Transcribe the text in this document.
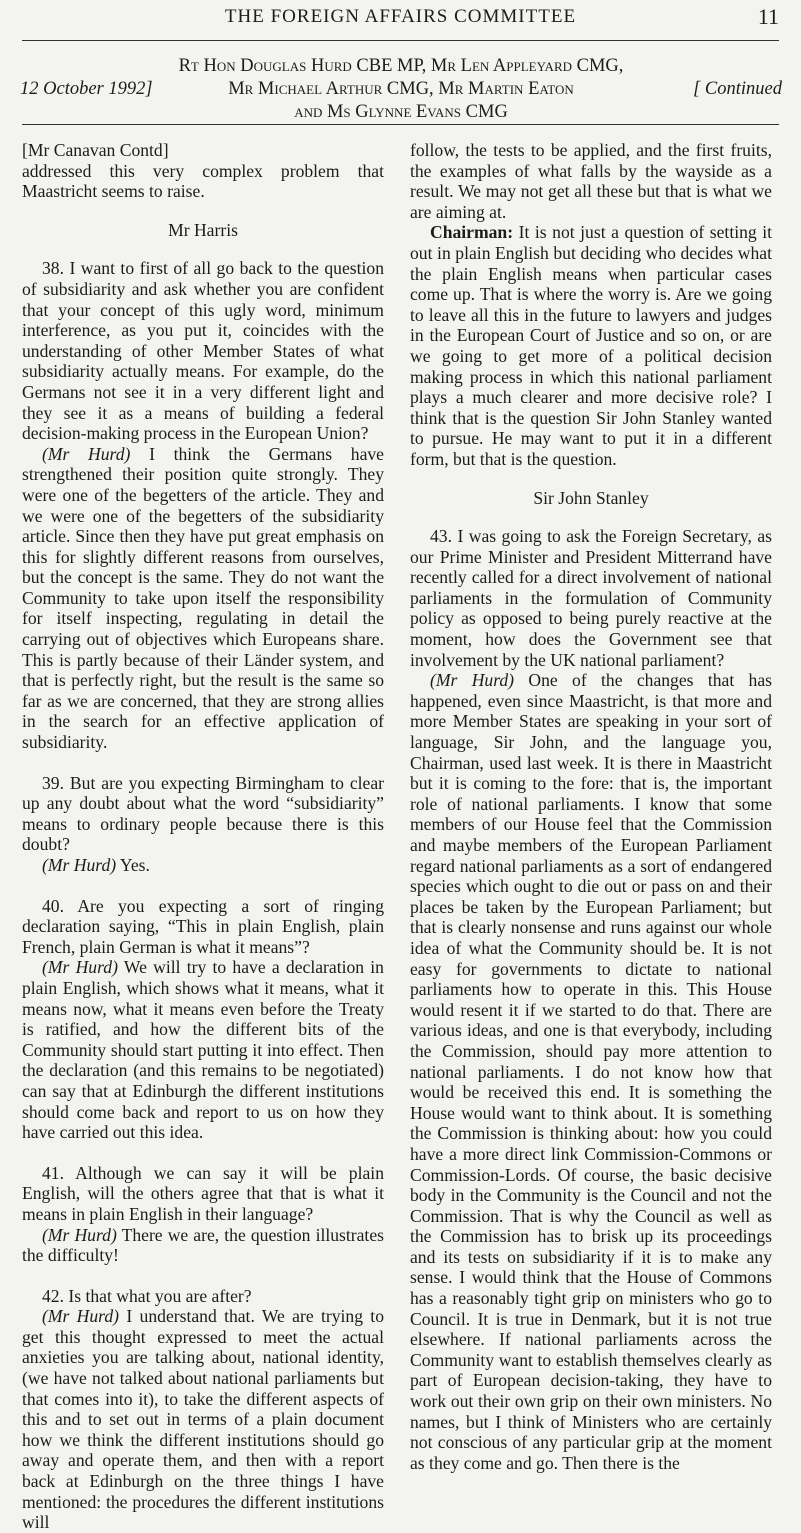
THE FOREIGN AFFAIRS COMMITTEE	11
Rt Hon Douglas Hurd CBE MP, Mr Len Appleyard CMG,
Mr Michael Arthur CMG, Mr Martin Eaton
and Ms Glynne Evans CMG
12 October 1992]	[ Continued

[Mr Canavan Contd]

addressed this very complex problem that Maastricht seems to raise.

Mr Harris

38. I want to first of all go back to the question of subsidiarity and ask whether you are confident that your concept of this ugly word, minimum interference, as you put it, coincides with the understanding of other Member States of what subsidiarity actually means. For example, do the Germans not see it in a very different light and they see it as a means of building a federal decision-making process in the European Union?

(Mr Hurd) I think the Germans have strengthened their position quite strongly. They were one of the begetters of the article. They and we were one of the begetters of the subsidiarity article. Since then they have put great emphasis on this for slightly different reasons from ourselves, but the concept is the same. They do not want the Community to take upon itself the responsibility for itself inspecting, regulating in detail the carrying out of objectives which Europeans share. This is partly because of their Länder system, and that is perfectly right, but the result is the same so far as we are concerned, that they are strong allies in the search for an effective application of subsidiarity.

39. But are you expecting Birmingham to clear up any doubt about what the word “subsidiarity” means to ordinary people because there is this doubt?

(Mr Hurd) Yes.

40. Are you expecting a sort of ringing declaration saying, “This in plain English, plain French, plain German is what it means”?

(Mr Hurd) We will try to have a declaration in plain English, which shows what it means, what it means now, what it means even before the Treaty is ratified, and how the different bits of the Community should start putting it into effect. Then the declaration (and this remains to be negotiated) can say that at Edinburgh the different institutions should come back and report to us on how they have carried out this idea.

41. Although we can say it will be plain English, will the others agree that that is what it means in plain English in their language?

(Mr Hurd) There we are, the question illustrates the difficulty!

42. Is that what you are after?

(Mr Hurd) I understand that. We are trying to get this thought expressed to meet the actual anxieties you are talking about, national identity, (we have not talked about national parliaments but that comes into it), to take the different aspects of this and to set out in terms of a plain document how we think the different institutions should go away and operate them, and then with a report back at Edinburgh on the three things I have mentioned: the procedures the different institutions will

follow, the tests to be applied, and the first fruits, the examples of what falls by the wayside as a result. We may not get all these but that is what we are aiming at.

Chairman: It is not just a question of setting it out in plain English but deciding who decides what the plain English means when particular cases come up. That is where the worry is. Are we going to leave all this in the future to lawyers and judges in the European Court of Justice and so on, or are we going to get more of a political decision making process in which this national parliament plays a much clearer and more decisive role? I think that is the question Sir John Stanley wanted to pursue. He may want to put it in a different form, but that is the question.

Sir John Stanley

43. I was going to ask the Foreign Secretary, as our Prime Minister and President Mitterrand have recently called for a direct involvement of national parliaments in the formulation of Community policy as opposed to being purely reactive at the moment, how does the Government see that involvement by the UK national parliament?

(Mr Hurd) One of the changes that has happened, even since Maastricht, is that more and more Member States are speaking in your sort of language, Sir John, and the language you, Chairman, used last week. It is there in Maastricht but it is coming to the fore: that is, the important role of national parliaments. I know that some members of our House feel that the Commission and maybe members of the European Parliament regard national parliaments as a sort of endangered species which ought to die out or pass on and their places be taken by the European Parliament; but that is clearly nonsense and runs against our whole idea of what the Community should be. It is not easy for governments to dictate to national parliaments how to operate in this. This House would resent it if we started to do that. There are various ideas, and one is that everybody, including the Commission, should pay more attention to national parliaments. I do not know how that would be received this end. It is something the House would want to think about. It is something the Commission is thinking about: how you could have a more direct link Commission-Commons or Commission-Lords. Of course, the basic decisive body in the Community is the Council and not the Commission. That is why the Council as well as the Commission has to brisk up its proceedings and its tests on subsidiarity if it is to make any sense. I would think that the House of Commons has a reasonably tight grip on ministers who go to Council. It is true in Denmark, but it is not true elsewhere. If national parliaments across the Community want to establish themselves clearly as part of European decision-taking, they have to work out their own grip on their own ministers. No names, but I think of Ministers who are certainly not conscious of any particular grip at the moment as they come and go. Then there is the
